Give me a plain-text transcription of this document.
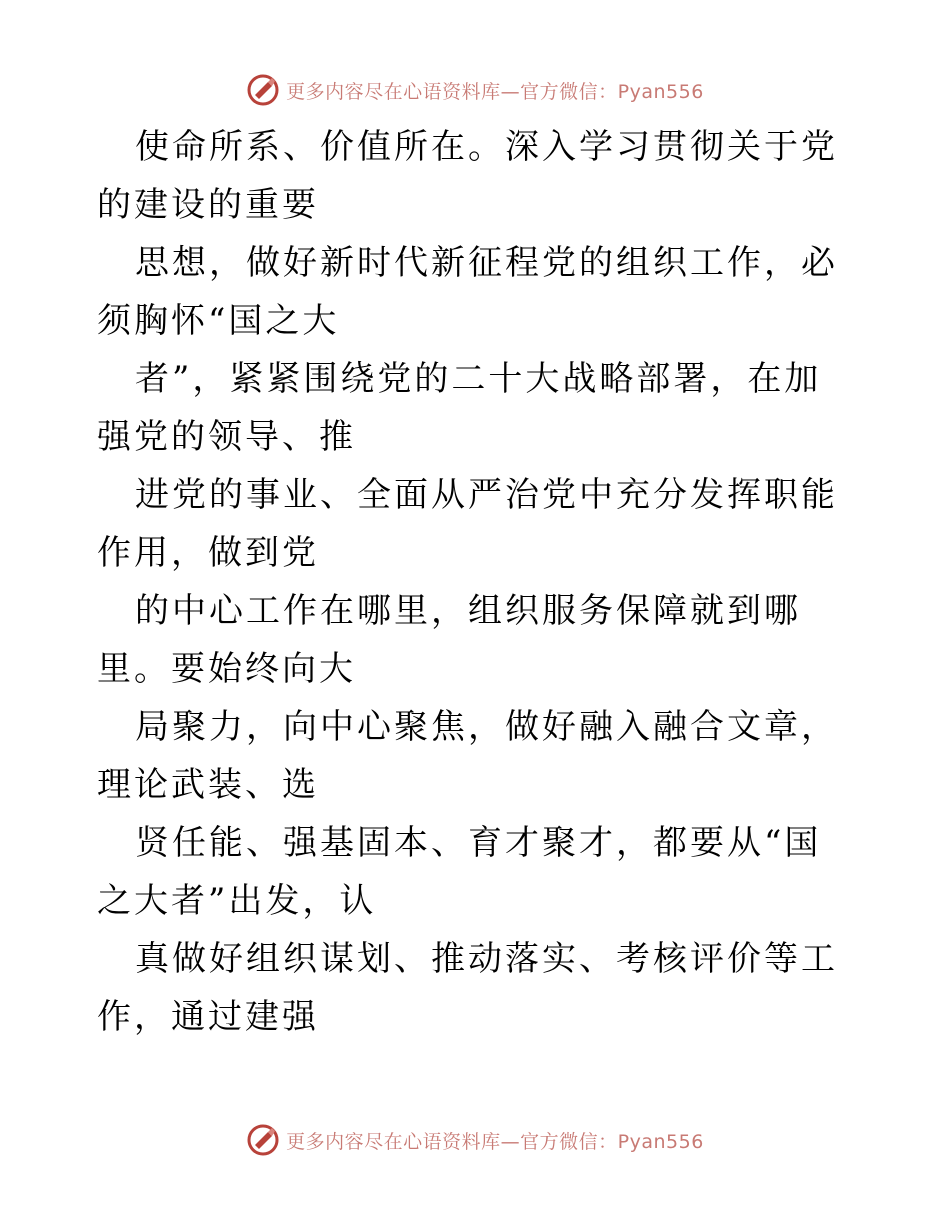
更多内容尽在心语资料库—官方微信：Pyan556

使命所系、价值所在。深入学习贯彻关于党的建设的重要

思想，做好新时代新征程党的组织工作，必须胸怀“国之大

者”，紧紧围绕党的二十大战略部署，在加强党的领导、推

进党的事业、全面从严治党中充分发挥职能作用，做到党

的中心工作在哪里，组织服务保障就到哪里。要始终向大

局聚力，向中心聚焦，做好融入融合文章，理论武装、选

贤任能、强基固本、育才聚才，都要从“国之大者”出发，认

真做好组织谋划、推动落实、考核评价等工作，通过建强

更多内容尽在心语资料库—官方微信：Pyan556
